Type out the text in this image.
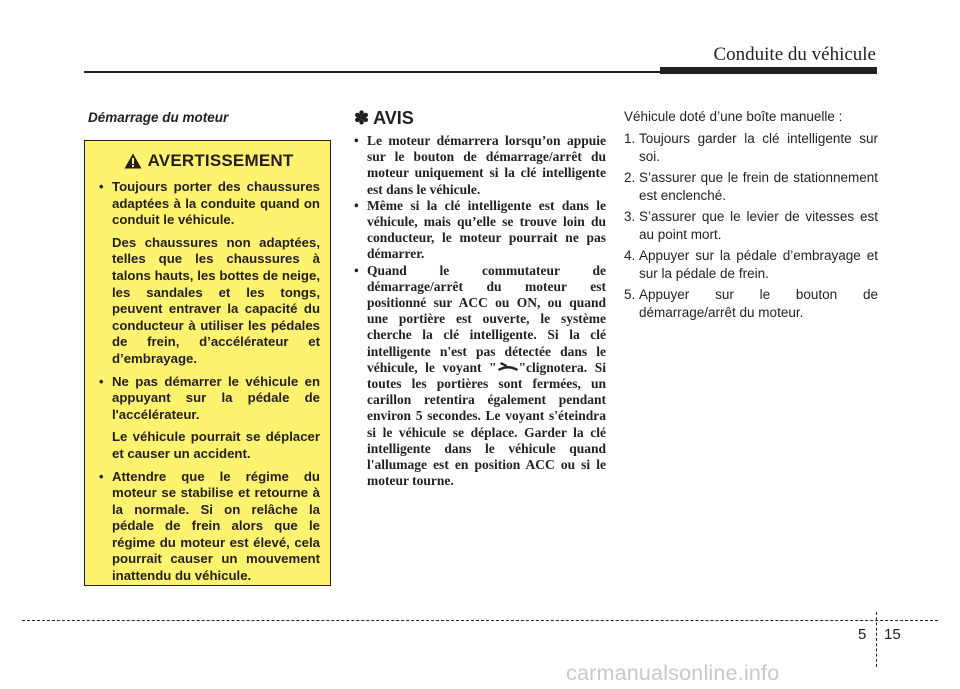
Conduite du véhicule
Démarrage du moteur
AVERTISSEMENT
• Toujours porter des chaussures adaptées à la conduite quand on conduit le véhicule.

Des chaussures non adaptées, telles que les chaussures à talons hauts, les bottes de neige, les sandales et les tongs, peuvent entraver la capacité du conducteur à utiliser les pédales de frein, d’accélérateur et d’embrayage.

• Ne pas démarrer le véhicule en appuyant sur la pédale de l'accélérateur.

Le véhicule pourrait se déplacer et causer un accident.

• Attendre que le régime du moteur se stabilise et retourne à la normale. Si on relâche la pédale de frein alors que le régime du moteur est élevé, cela pourrait causer un mouvement inattendu du véhicule.

✽ AVIS
• Le moteur démarrera lorsqu’on appuie sur le bouton de démarrage/arrêt du moteur uniquement si la clé intelligente est dans le véhicule.

• Même si la clé intelligente est dans le véhicule, mais qu’elle se trouve loin du conducteur, le moteur pourrait ne pas démarrer.

• Quand le commutateur de démarrage/arrêt du moteur est positionné sur ACC ou ON, ou quand une portière est ouverte, le système cherche la clé intelligente. Si la clé intelligente n'est pas détectée dans le véhicule, le voyant " "clignotera. Si toutes les portières sont fermées, un carillon retentira également pendant environ 5 secondes. Le voyant s'éteindra si le véhicule se déplace. Garder la clé intelligente dans le véhicule quand l'allumage est en position ACC ou si le moteur tourne.

Véhicule doté d’une boîte manuelle :

1. Toujours garder la clé intelligente sur soi.
2. S’assurer que le frein de stationnement est enclenché.
3. S’assurer que le levier de vitesses est au point mort.
4. Appuyer sur la pédale d’embrayage et sur la pédale de frein.
5. Appuyer sur le bouton de démarrage/arrêt du moteur.
5 15
carmanualsonline.info
